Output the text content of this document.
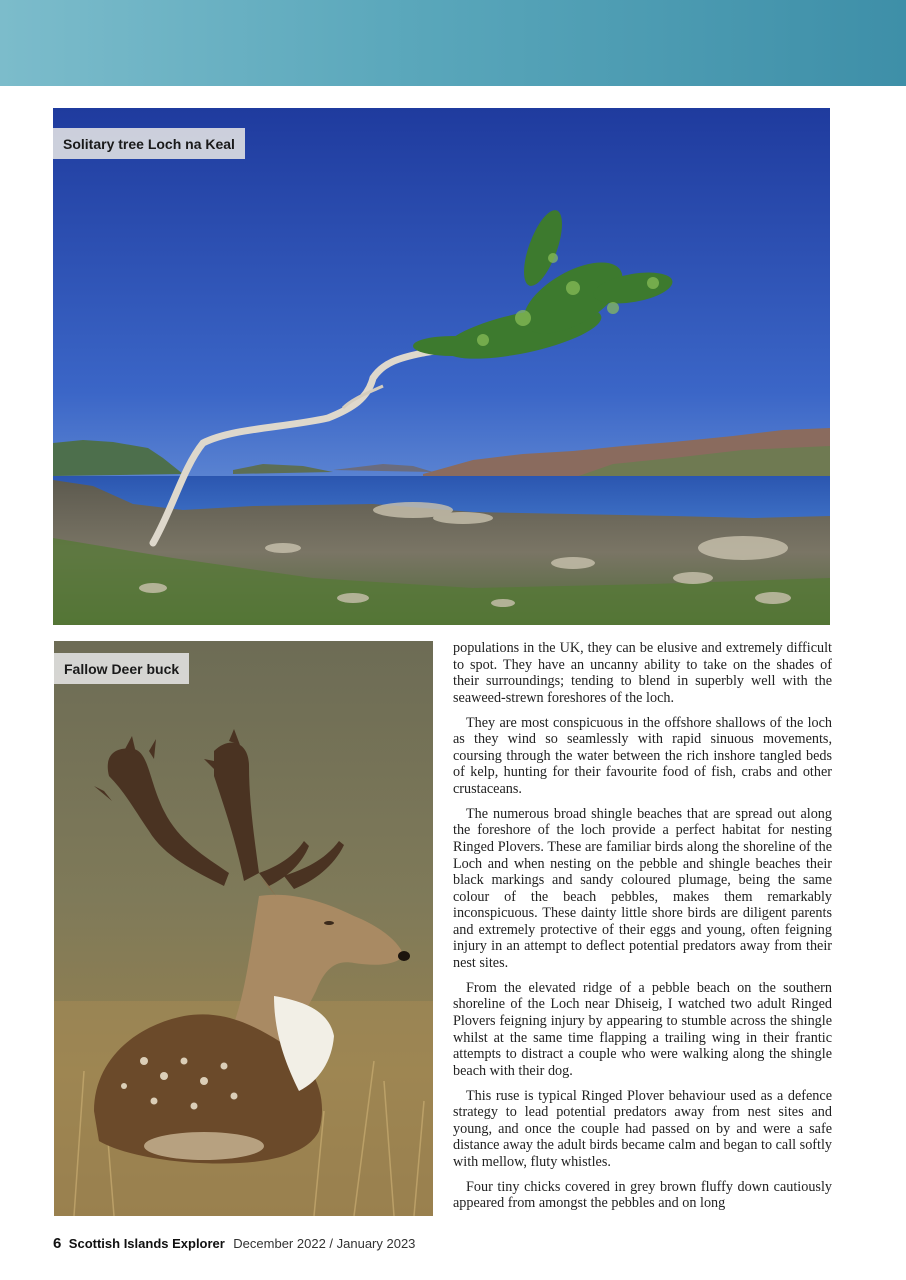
Solitary tree Loch na Keal
Fallow Deer buck

populations in the UK, they can be elusive and extremely difficult to spot. They have an uncanny ability to take on the shades of their surroundings; tending to blend in superbly well with the seaweed-strewn foreshores of the loch.

They are most conspicuous in the offshore shallows of the loch as they wind so seamlessly with rapid sinuous movements, coursing through the water between the rich inshore tangled beds of kelp, hunting for their favourite food of fish, crabs and other crustaceans.

The numerous broad shingle beaches that are spread out along the foreshore of the loch provide a perfect habitat for nesting Ringed Plovers. These are familiar birds along the shoreline of the Loch and when nesting on the pebble and shingle beaches their black markings and sandy coloured plumage, being the same colour of the beach pebbles, makes them remarkably inconspicuous. These dainty little shore birds are diligent parents and extremely protective of their eggs and young, often feigning injury in an attempt to deflect potential predators away from their nest sites.

From the elevated ridge of a pebble beach on the southern shoreline of the Loch near Dhiseig, I watched two adult Ringed Plovers feigning injury by appearing to stumble across the shingle whilst at the same time flapping a trailing wing in their frantic attempts to distract a couple who were walking along the shingle beach with their dog.

This ruse is typical Ringed Plover behaviour used as a defence strategy to lead potential predators away from nest sites and young, and once the couple had passed on by and were a safe distance away the adult birds became calm and began to call softly with mellow, fluty whistles.

Four tiny chicks covered in grey brown fluffy down cautiously appeared from amongst the pebbles and on long

6 Scottish Islands Explorer December 2022 / January 2023
